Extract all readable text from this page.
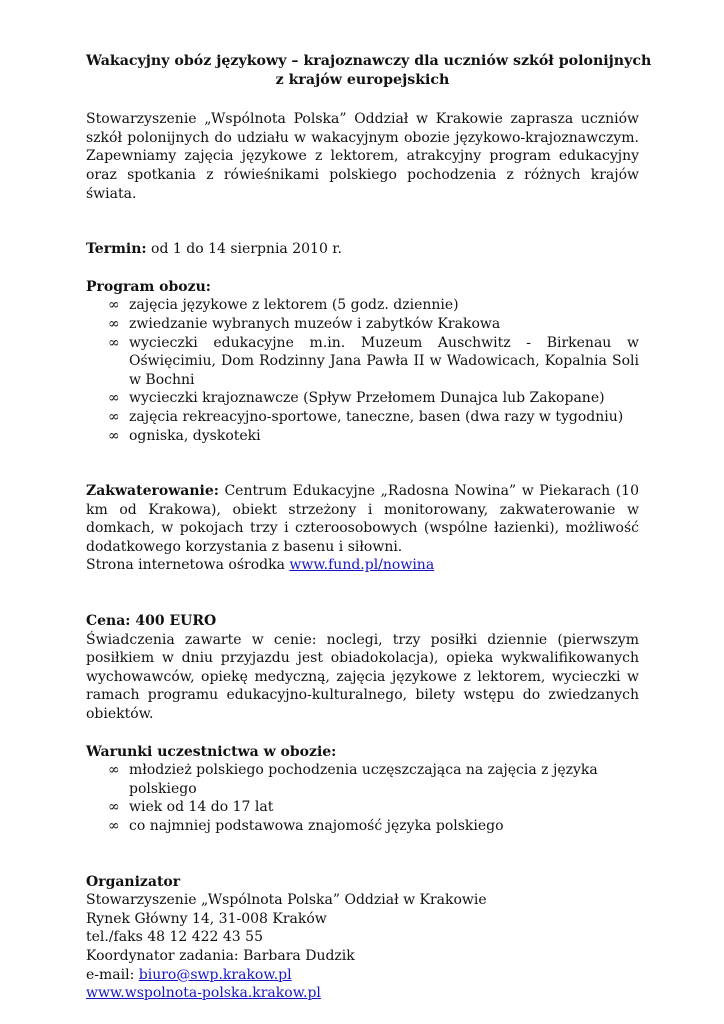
Wakacyjny obóz językowy – krajoznawczy dla uczniów szkół polonijnych
z krajów europejskich

Stowarzyszenie „Wspólnota Polska” Oddział w Krakowie zaprasza uczniów szkół polonijnych do udziału w wakacyjnym obozie językowo-krajoznawczym. Zapewniamy zajęcia językowe z lektorem, atrakcyjny program edukacyjny oraz spotkania z rówieśnikami polskiego pochodzenia z różnych krajów świata.

Termin: od 1 do 14 sierpnia 2010 r.

Program obozu:

∞ zajęcia językowe z lektorem (5 godz. dziennie)
∞ zwiedzanie wybranych muzeów i zabytków Krakowa
∞ wycieczki edukacyjne m.in. Muzeum Auschwitz - Birkenau w Oświęcimiu, Dom Rodzinny Jana Pawła II w Wadowicach, Kopalnia Soli w Bochni
∞ wycieczki krajoznawcze (Spływ Przełomem Dunajca lub Zakopane)
∞ zajęcia rekreacyjno-sportowe, taneczne, basen (dwa razy w tygodniu)
∞ ogniska, dyskoteki

Zakwaterowanie: Centrum Edukacyjne „Radosna Nowina” w Piekarach (10 km od Krakowa), obiekt strzeżony i monitorowany, zakwaterowanie w domkach, w pokojach trzy i czteroosobowych (wspólne łazienki), możliwość dodatkowego korzystania z basenu i siłowni.

Strona internetowa ośrodka www.fund.pl/nowina

Cena: 400 EURO

Świadczenia zawarte w cenie: noclegi, trzy posiłki dziennie (pierwszym posiłkiem w dniu przyjazdu jest obiadokolacja), opieka wykwalifikowanych wychowawców, opiekę medyczną, zajęcia językowe z lektorem, wycieczki w ramach programu edukacyjno-kulturalnego, bilety wstępu do zwiedzanych obiektów.

Warunki uczestnictwa w obozie:

∞ młodzież polskiego pochodzenia uczęszczająca na zajęcia z języka polskiego
∞ wiek od 14 do 17 lat
∞ co najmniej podstawowa znajomość języka polskiego

Organizator

Stowarzyszenie „Wspólnota Polska” Oddział w Krakowie

Rynek Główny 14, 31-008 Kraków

tel./faks 48 12 422 43 55

Koordynator zadania: Barbara Dudzik

e-mail: biuro@swp.krakow.pl

www.wspolnota-polska.krakow.pl
